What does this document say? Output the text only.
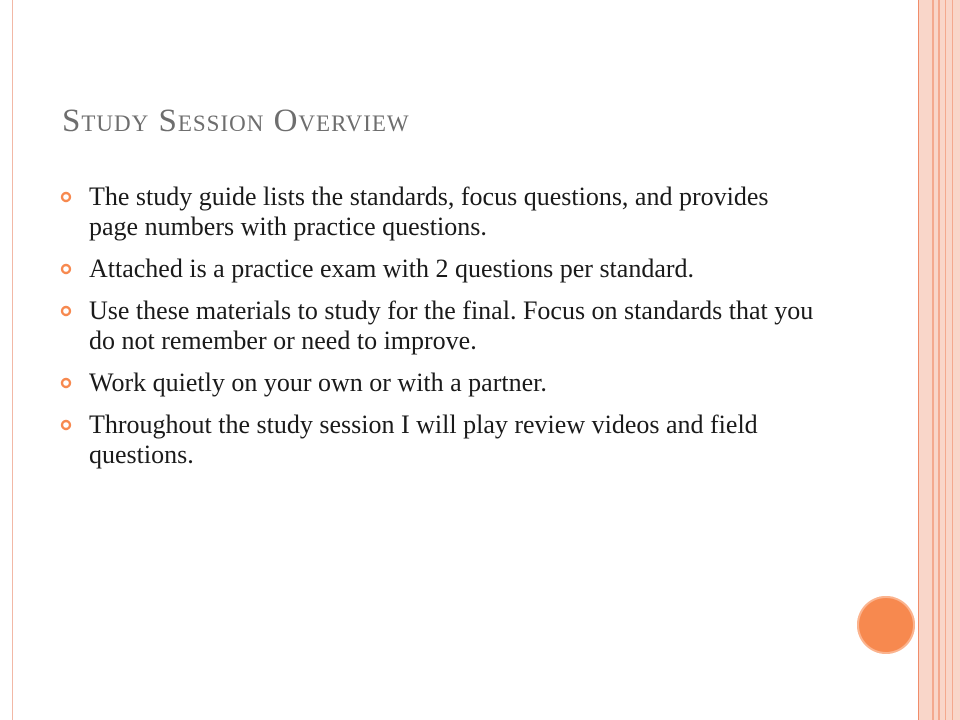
Study Session Overview
The study guide lists the standards, focus questions, and provides page numbers with practice questions.
Attached is a practice exam with 2 questions per standard.
Use these materials to study for the final. Focus on standards that you do not remember or need to improve.
Work quietly on your own or with a partner.
Throughout the study session I will play review videos and field questions.
